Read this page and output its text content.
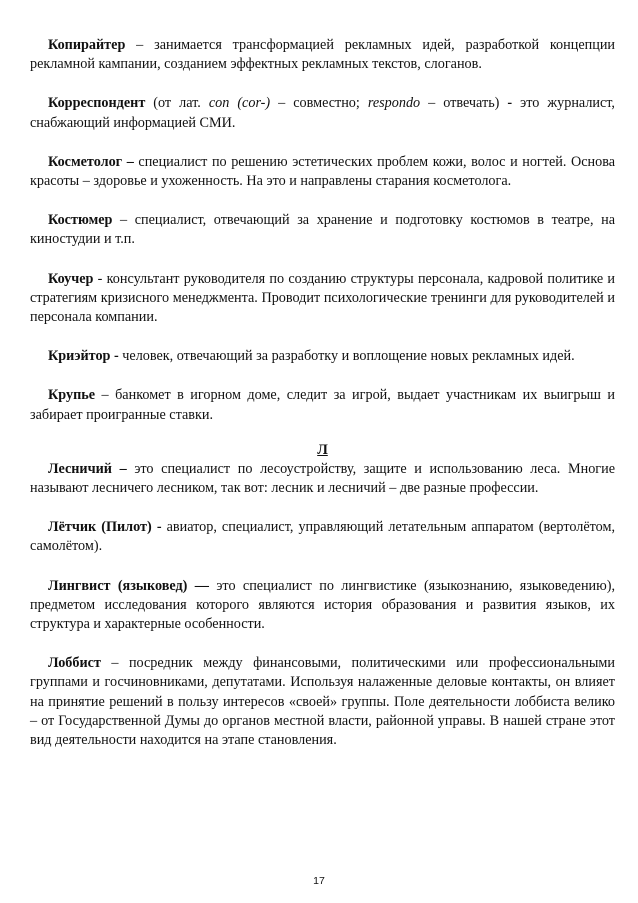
Копирайтер – занимается трансформацией рекламных идей, разработкой концепции рекламной кампании, созданием эффектных рекламных текстов, слоганов.

Корреспондент (от лат. con (cor-) – совместно; respondo – отвечать) - это журналист, снабжающий информацией СМИ.

Косметолог – специалист по решению эстетических проблем кожи, волос и ногтей. Основа красоты – здоровье и ухоженность. На это и направлены старания косметолога.

Костюмер – специалист, отвечающий за хранение и подготовку костюмов в театре, на киностудии и т.п.

Коучер - консультант руководителя по созданию структуры персонала, кадровой политике и стратегиям кризисного менеджмента. Проводит психологические тренинги для руководителей и персонала компании.

Криэйтор - человек, отвечающий за разработку и воплощение новых рекламных идей.

Крупье – банкомет в игорном доме, следит за игрой, выдает участникам их выигрыш и забирает проигранные ставки.

Л

Лесничий – это специалист по лесоустройству, защите и использованию леса. Многие называют лесничего лесником, так вот: лесник и лесничий – две разные профессии.

Лётчик (Пилот) - авиатор, специалист, управляющий летательным аппаратом (вертолётом, самолётом).

Лингвист (языковед) — это специалист по лингвистике (языкознанию, языковедению), предметом исследования которого являются история образования и развития языков, их структура и характерные особенности.

Лоббист – посредник между финансовыми, политическими или профессиональными группами и госчиновниками, депутатами. Используя налаженные деловые контакты, он влияет на принятие решений в пользу интересов «своей» группы. Поле деятельности лоббиста велико – от Государственной Думы до органов местной власти, районной управы. В нашей стране этот вид деятельности находится на этапе становления.

17
